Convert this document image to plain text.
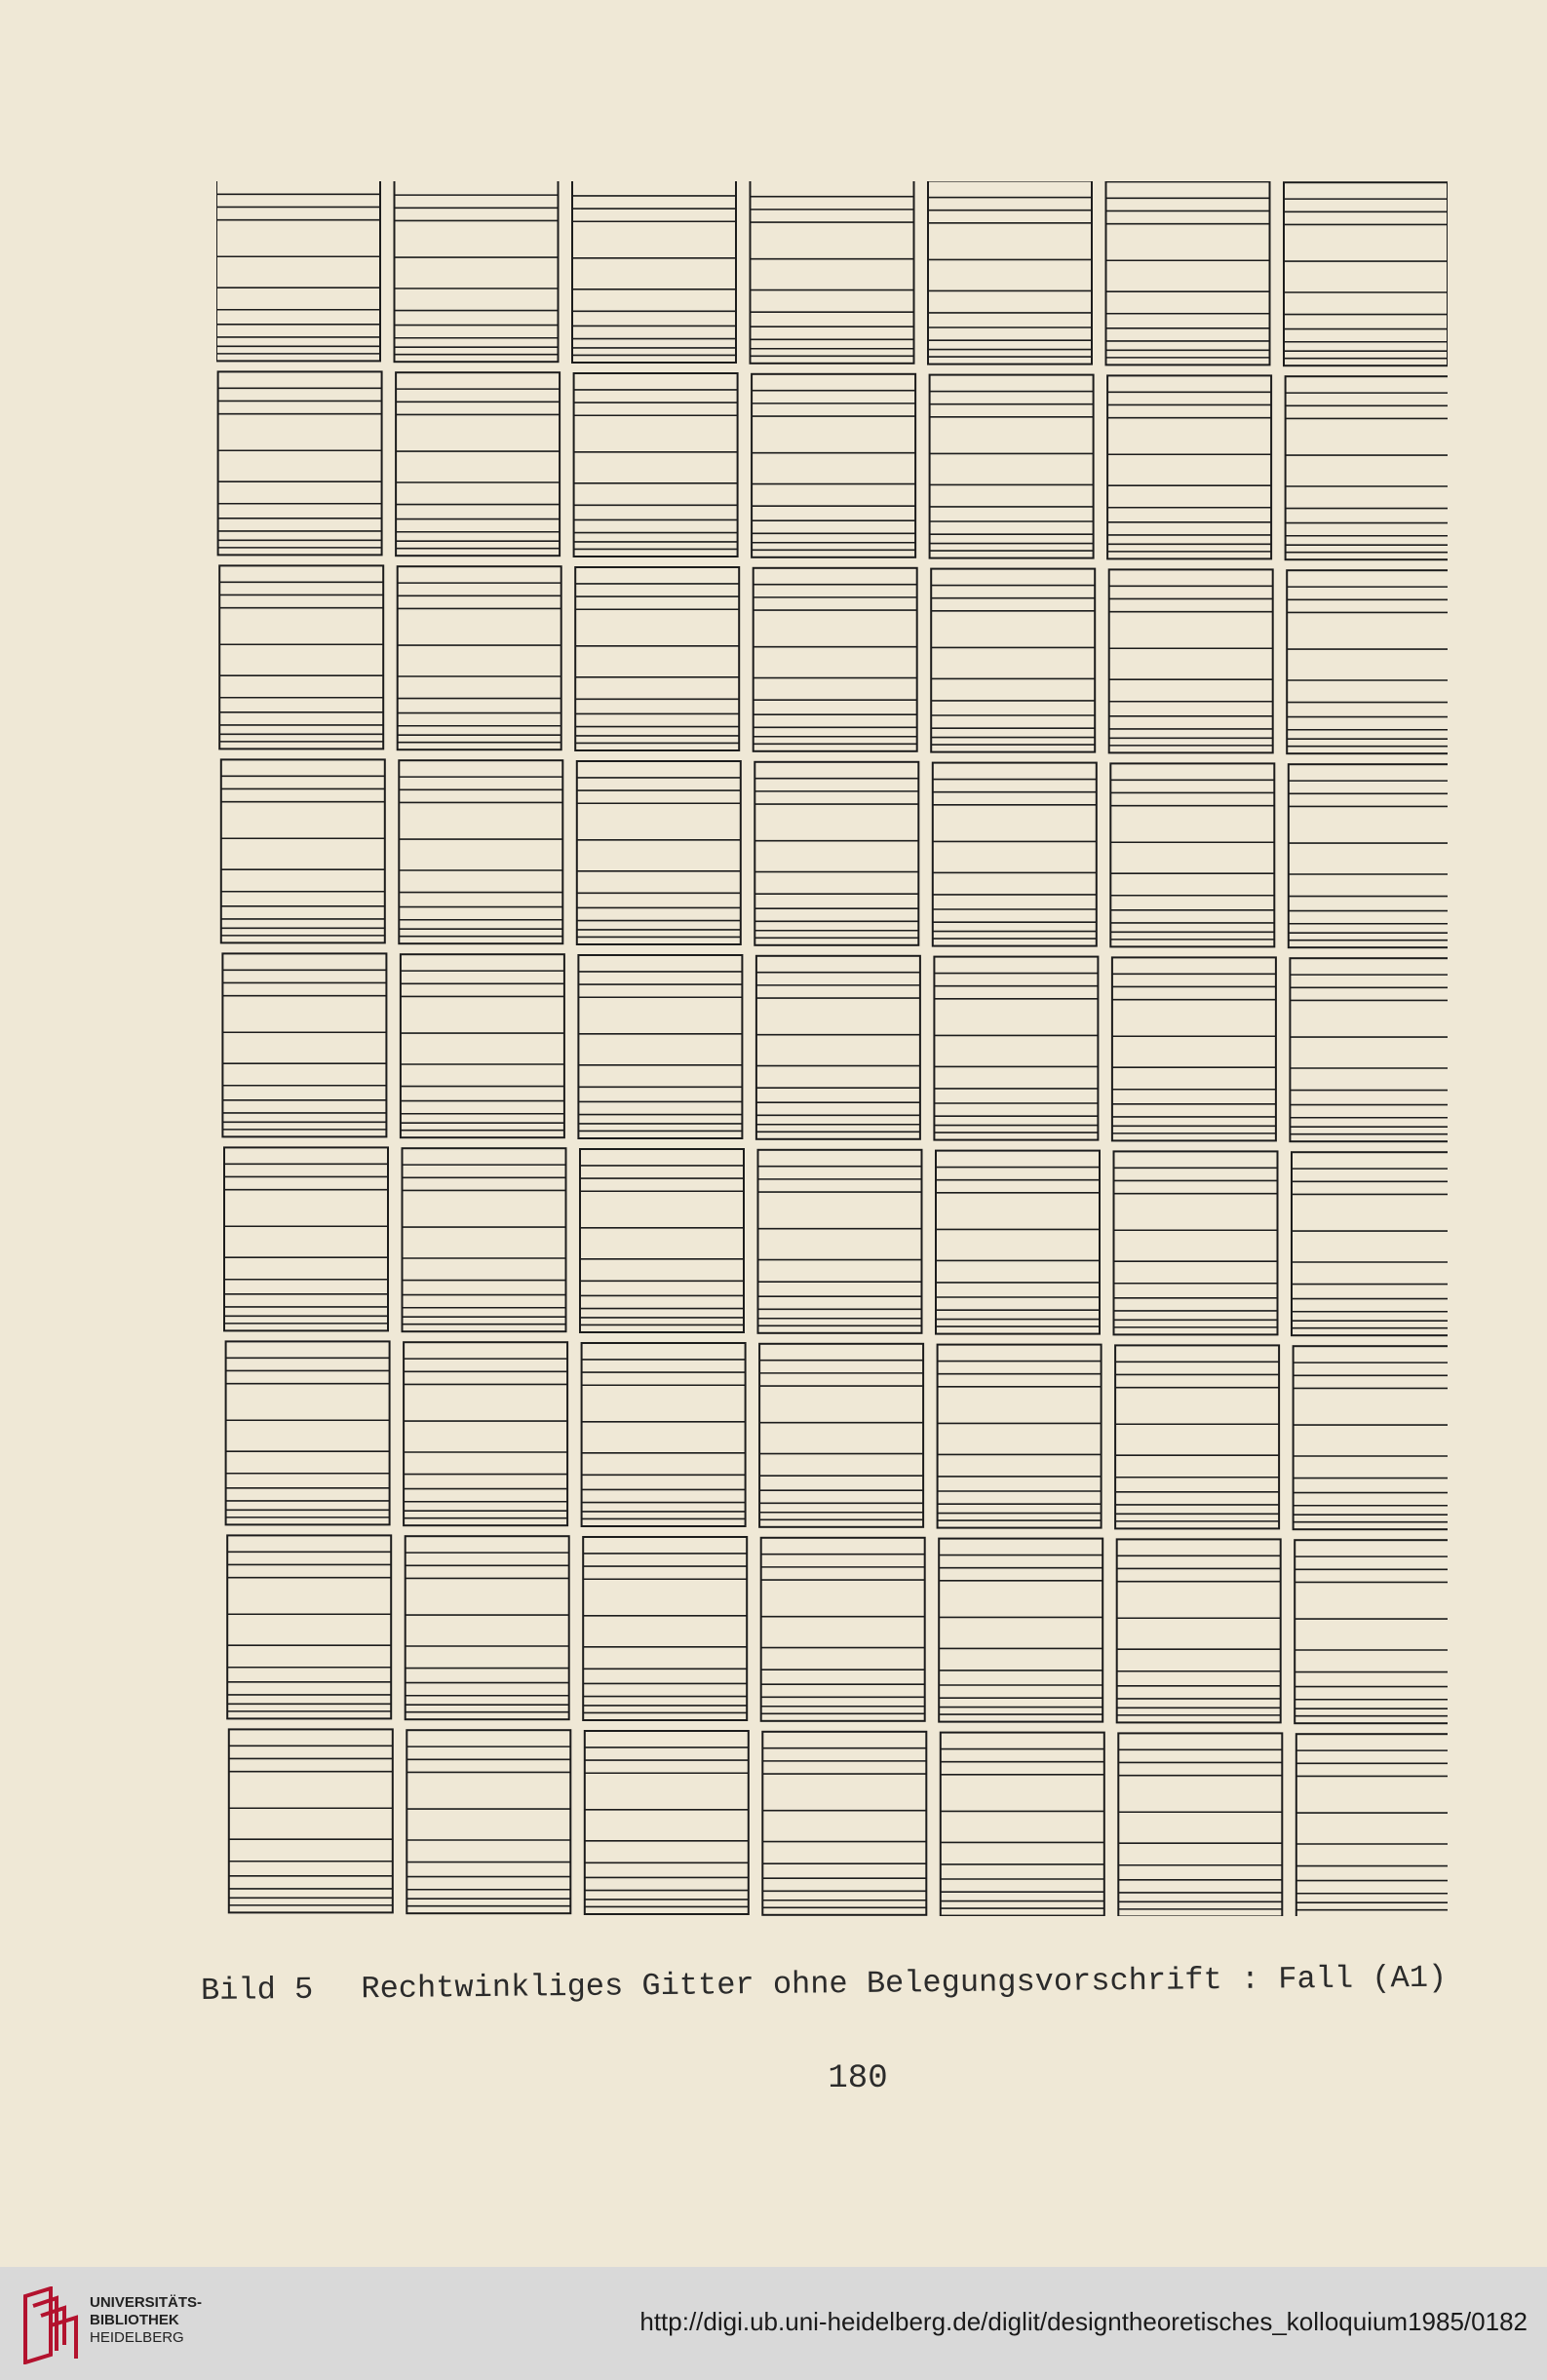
Bild 5 Rechtwinkliges Gitter ohne Belegungsvorschrift : Fall (A1)
180
UNIVERSITÄTS-
BIBLIOTHEK
HEIDELBERG
http://digi.ub.uni-heidelberg.de/diglit/designtheoretisches_kolloquium1985/0182
